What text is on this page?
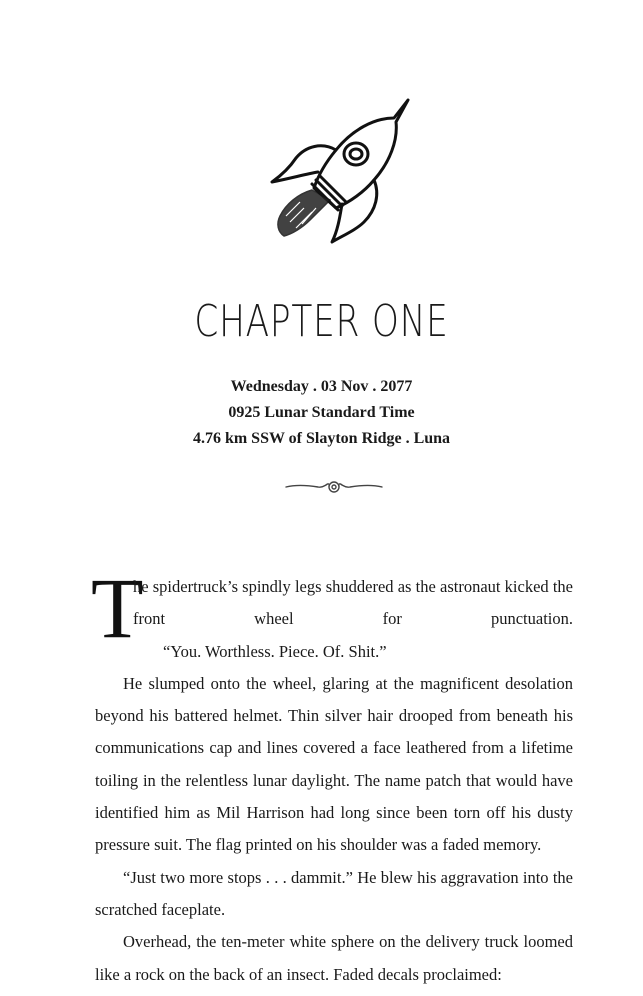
CHAPTER ONE
Wednesday . 03 Nov . 2077
0925 Lunar Standard Time
4.76 km SSW of Slayton Ridge . Luna
T

he spidertruck’s spindly legs shuddered as the astronaut kicked the
front wheel for punctuation.
“You. Worthless. Piece. Of. Shit.”

He slumped onto the wheel, glaring at the magnificent desolation
beyond his battered helmet. Thin silver hair drooped from beneath his
communications cap and lines covered a face leathered from a lifetime
toiling in the relentless lunar daylight. The name patch that would have
identified him as Mil Harrison had long since been torn off his dusty
pressure suit. The flag printed on his shoulder was a faded memory.

“Just two more stops . . . dammit.” He blew his aggravation into the
scratched faceplate.

Overhead, the ten-meter white sphere on the delivery truck loomed
like a rock on the back of an insect. Faded decals proclaimed:
